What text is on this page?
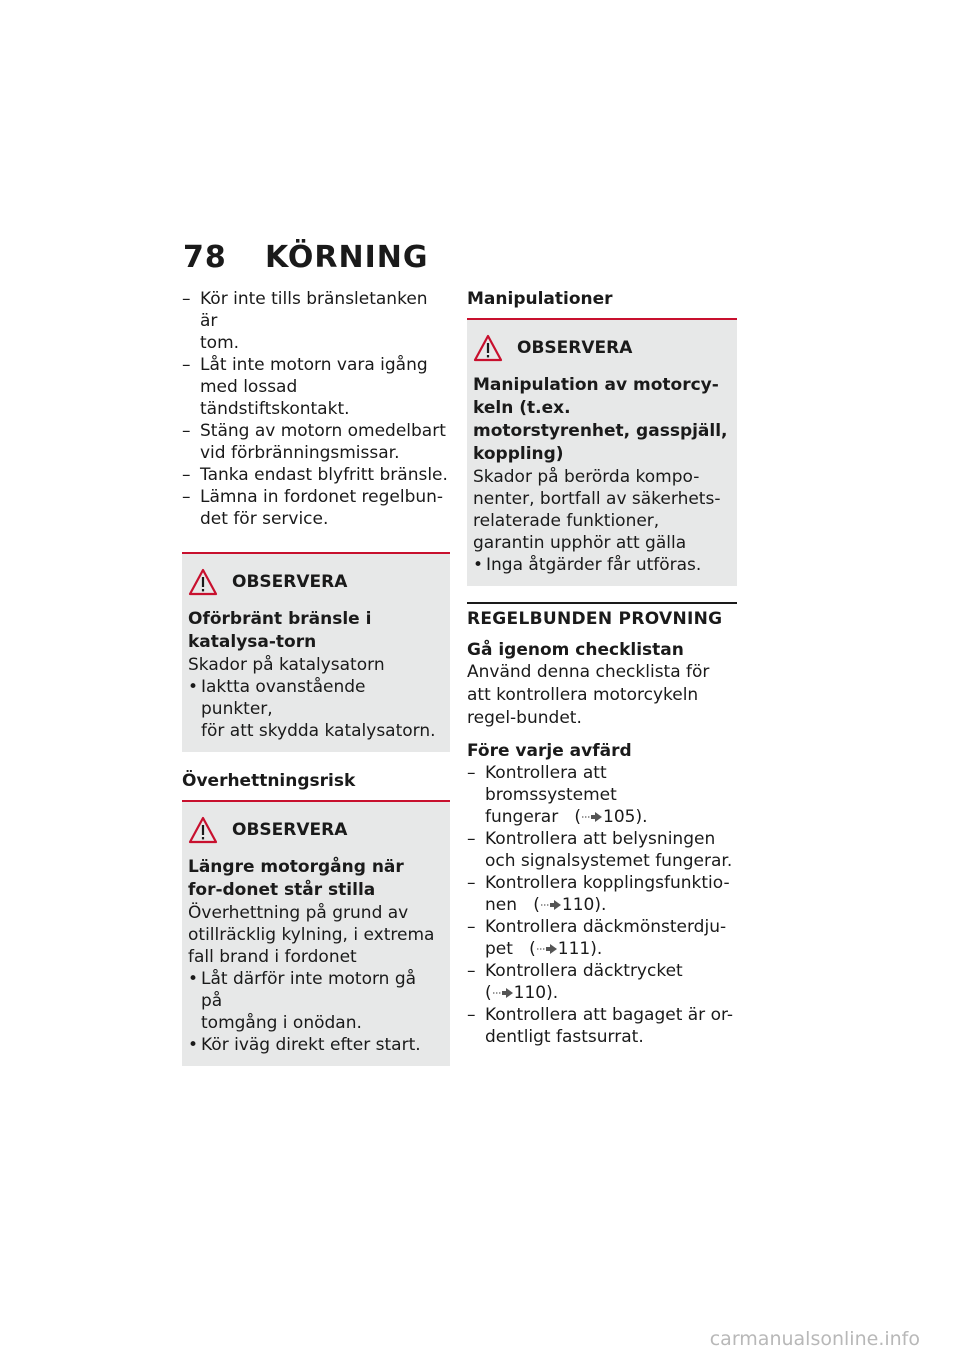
78 KÖRNING
– Kör inte tills bränsletanken är
tom.
– Låt inte motorn vara igång
med lossad tändstiftskontakt.
– Stäng av motorn omedelbart
vid förbränningsmissar.
– Tanka endast blyfritt bränsle.
– Lämna in fordonet regelbun-
det för service.
OBSERVERA

Oförbränt bränsle i katalysa-torn

Skador på katalysatorn

• Iaktta ovanstående punkter,
för att skydda katalysatorn.

Överhettningsrisk

OBSERVERA

Längre motorgång när for-donet står stilla

Överhettning på grund av otillräcklig kylning, i extrema fall brand i fordonet

• Låt därför inte motorn gå på
tomgång i onödan.
• Kör iväg direkt efter start.

Manipulationer

OBSERVERA

Manipulation av motorcy-keln (t.ex. motorstyrenhet, gasspjäll, koppling)

Skador på berörda kompo-nenter, bortfall av säkerhets-relaterade funktioner, garantin upphör att gälla

• Inga åtgärder får utföras.

REGELBUNDEN PROVNING

Gå igenom checklistan

Använd denna checklista för att kontrollera motorcykeln regel-bundet.

Före varje avfärd

– Kontrollera att bromssystemet
fungerar ( 105).
– Kontrollera att belysningen
och signalsystemet fungerar.
– Kontrollera kopplingsfunktio-
nen ( 110).
– Kontrollera däckmönsterdju-
pet ( 111).
– Kontrollera däcktrycket
( 110).
– Kontrollera att bagaget är or-
dentligt fastsurrat.
carmanualsonline.info
